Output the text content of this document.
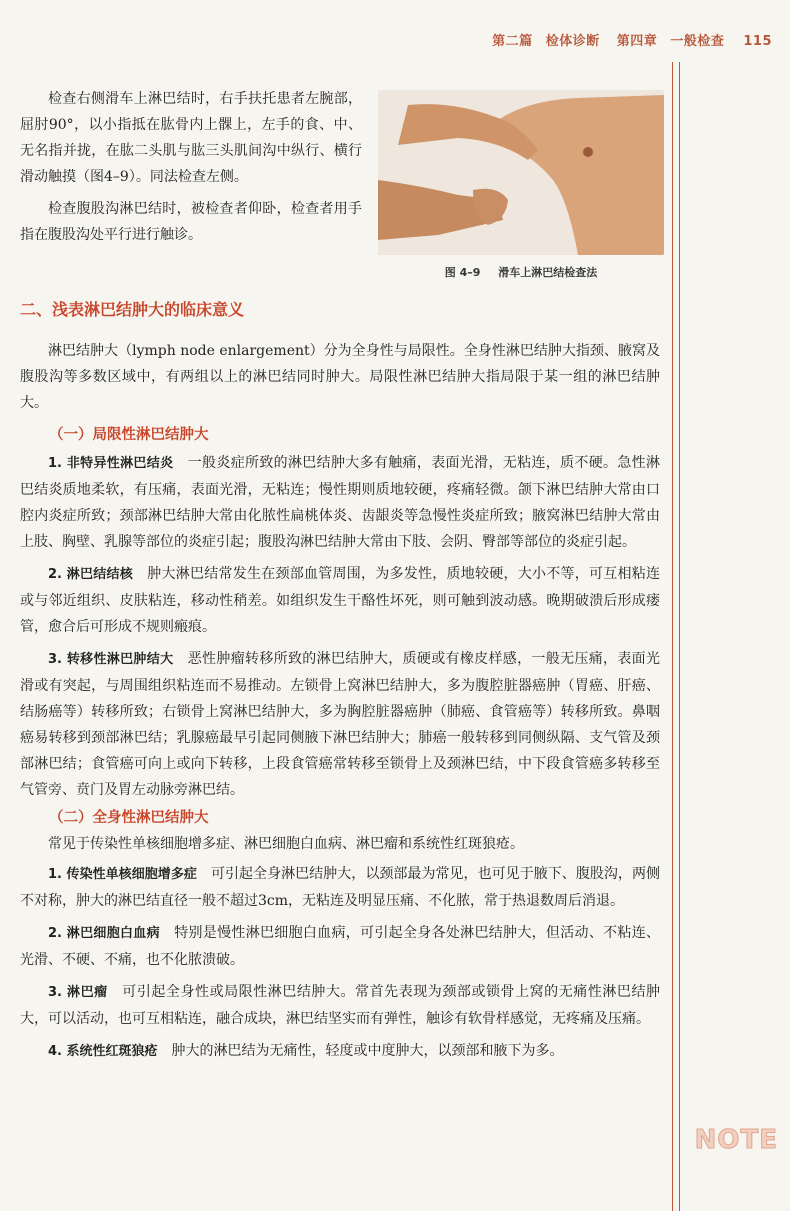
第二篇 检体诊断 第四章 一般检查 115

检查右侧滑车上淋巴结时，右手扶托患者左腕部，屈肘90°，以小指抵在肱骨内上髁上，左手的食、中、无名指并拢，在肱二头肌与肱三头肌间沟中纵行、横行滑动触摸（图4–9）。同法检查左侧。

检查腹股沟淋巴结时，被检查者仰卧，检查者用手指在腹股沟处平行进行触诊。

图 4–9 滑车上淋巴结检查法
二、浅表淋巴结肿大的临床意义

淋巴结肿大（lymph node enlargement）分为全身性与局限性。全身性淋巴结肿大指颈、腋窝及腹股沟等多数区域中，有两组以上的淋巴结同时肿大。局限性淋巴结肿大指局限于某一组的淋巴结肿大。

（一）局限性淋巴结肿大

1. 非特异性淋巴结炎　 一般炎症所致的淋巴结肿大多有触痛，表面光滑，无粘连，质不硬。急性淋巴结炎质地柔软，有压痛，表面光滑，无粘连；慢性期则质地较硬，疼痛轻微。颌下淋巴结肿大常由口腔内炎症所致；颈部淋巴结肿大常由化脓性扁桃体炎、齿龈炎等急慢性炎症所致；腋窝淋巴结肿大常由上肢、胸壁、乳腺等部位的炎症引起；腹股沟淋巴结肿大常由下肢、会阴、臀部等部位的炎症引起。

2. 淋巴结结核　 肿大淋巴结常发生在颈部血管周围，为多发性，质地较硬，大小不等，可互相粘连或与邻近组织、皮肤粘连，移动性稍差。如组织发生干酪性坏死，则可触到波动感。晚期破溃后形成瘘管，愈合后可形成不规则瘢痕。

3. 转移性淋巴肿结大　 恶性肿瘤转移所致的淋巴结肿大，质硬或有橡皮样感，一般无压痛，表面光滑或有突起，与周围组织粘连而不易推动。左锁骨上窝淋巴结肿大，多为腹腔脏器癌肿（胃癌、肝癌、结肠癌等）转移所致；右锁骨上窝淋巴结肿大，多为胸腔脏器癌肿（肺癌、食管癌等）转移所致。鼻咽癌易转移到颈部淋巴结；乳腺癌最早引起同侧腋下淋巴结肿大；肺癌一般转移到同侧纵隔、支气管及颈部淋巴结；食管癌可向上或向下转移，上段食管癌常转移至锁骨上及颈淋巴结，中下段食管癌多转移至气管旁、贲门及胃左动脉旁淋巴结。

（二）全身性淋巴结肿大

常见于传染性单核细胞增多症、淋巴细胞白血病、淋巴瘤和系统性红斑狼疮。

1. 传染性单核细胞增多症　 可引起全身淋巴结肿大，以颈部最为常见，也可见于腋下、腹股沟，两侧不对称，肿大的淋巴结直径一般不超过3cm，无粘连及明显压痛、不化脓，常于热退数周后消退。

2. 淋巴细胞白血病　 特别是慢性淋巴细胞白血病，可引起全身各处淋巴结肿大，但活动、不粘连、光滑、不硬、不痛，也不化脓溃破。

3. 淋巴瘤　 可引起全身性或局限性淋巴结肿大。常首先表现为颈部或锁骨上窝的无痛性淋巴结肿大，可以活动，也可互相粘连，融合成块，淋巴结坚实而有弹性，触诊有软骨样感觉，无疼痛及压痛。

4. 系统性红斑狼疮　 肿大的淋巴结为无痛性，轻度或中度肿大，以颈部和腋下为多。

NOTE
